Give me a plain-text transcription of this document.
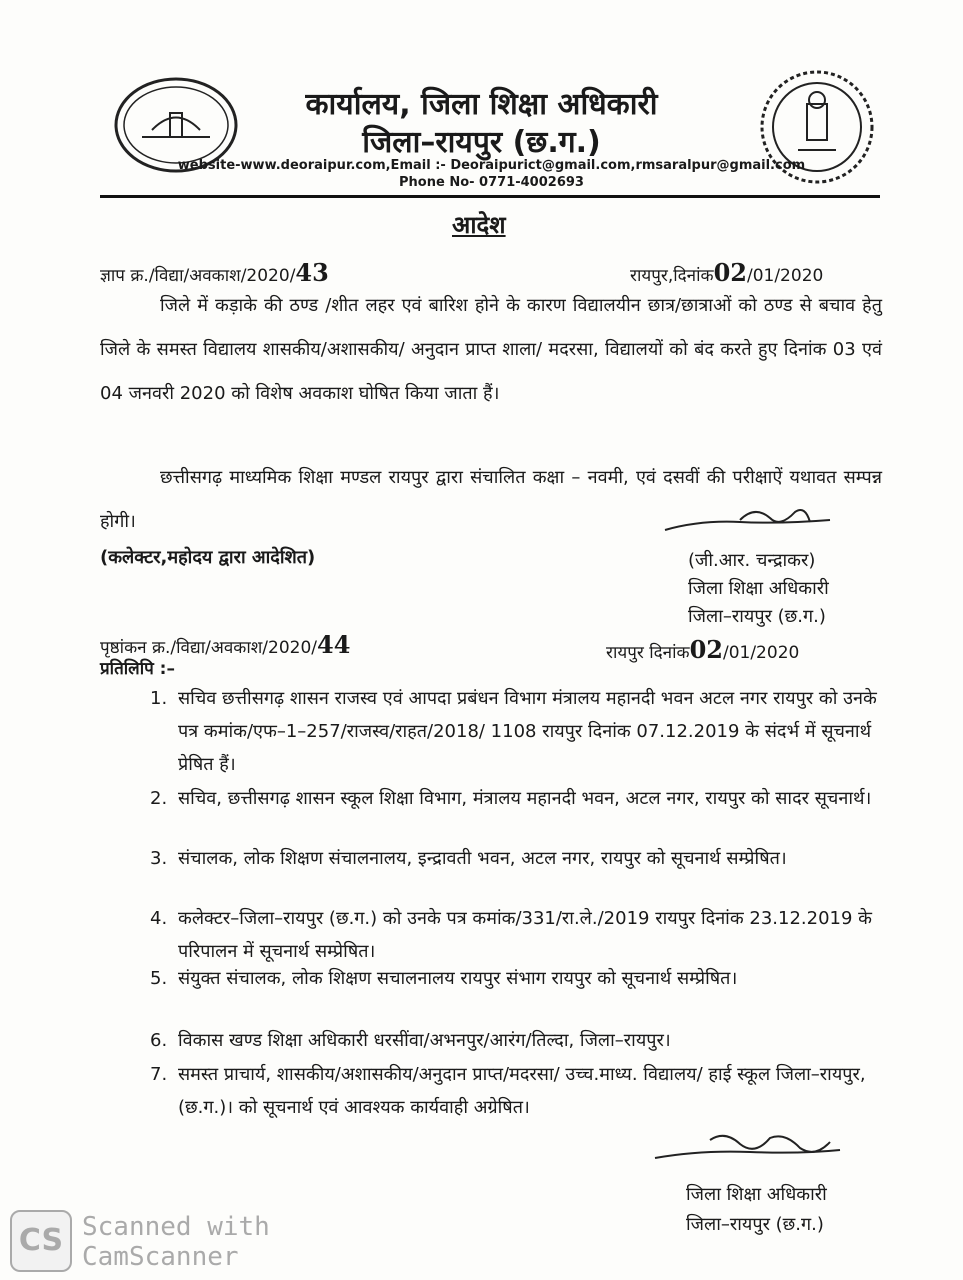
कार्यालय, जिला शिक्षा अधिकारी
जिला–रायपुर (छ.ग.)
website-www.deoraipur.com,Email :- Deoraipurict@gmail.com,rmsaralpur@gmail.com
Phone No- 0771-4002693
आदेश
ज्ञाप क्र./विद्या/अवकाश/2020/43	रायपुर,दिनांक02/01/2020
जिले में कड़ाके की ठण्ड /शीत लहर एवं बारिश होने के कारण विद्यालयीन छात्र/छात्राओं को ठण्ड से बचाव हेतु जिले के समस्त विद्यालय शासकीय/अशासकीय/ अनुदान प्राप्त शाला/ मदरसा, विद्यालयों को बंद करते हुए दिनांक 03 एवं 04 जनवरी 2020 को विशेष अवकाश घोषित किया जाता हैं।
छत्तीसगढ़ माध्यमिक शिक्षा मण्डल रायपुर द्वारा संचालित कक्षा – नवमी, एवं दसवीं की परीक्षाऐं यथावत सम्पन्न होगी।
(कलेक्टर,महोदय द्वारा आदेशित)	(जी.आर. चन्द्राकर)
जिला शिक्षा अधिकारी
जिला–रायपुर (छ.ग.)
पृष्ठांकन क्र./विद्या/अवकाश/2020/44	रायपुर दिनांक02/01/2020
प्रतिलिपि :–
1. सचिव छत्तीसगढ़ शासन राजस्व एवं आपदा प्रबंधन विभाग मंत्रालय महानदी भवन अटल नगर रायपुर को उनके पत्र कमांक/एफ–1–257/राजस्व/राहत/2018/ 1108 रायपुर दिनांक 07.12.2019 के संदर्भ में सूचनार्थ प्रेषित हैं।
2. सचिव, छत्तीसगढ़ शासन स्कूल शिक्षा विभाग, मंत्रालय महानदी भवन, अटल नगर, रायपुर को सादर सूचनार्थ।
3. संचालक, लोक शिक्षण संचालनालय, इन्द्रावती भवन, अटल नगर, रायपुर को सूचनार्थ सम्प्रेषित।
4. कलेक्टर–जिला–रायपुर (छ.ग.) को उनके पत्र कमांक/331/रा.ले./2019 रायपुर दिनांक 23.12.2019 के परिपालन में सूचनार्थ सम्प्रेषित।
5. संयुक्त संचालक, लोक शिक्षण सचालनालय रायपुर संभाग रायपुर को सूचनार्थ सम्प्रेषित।
6. विकास खण्ड शिक्षा अधिकारी धरसींवा/अभनपुर/आरंग/तिल्दा, जिला–रायपुर।
7. समस्त प्राचार्य, शासकीय/अशासकीय/अनुदान प्राप्त/मदरसा/ उच्च.माध्य. विद्यालय/ हाई स्कूल जिला–रायपुर, (छ.ग.)। को सूचनार्थ एवं आवश्यक कार्यवाही अग्रेषित।
जिला शिक्षा अधिकारी
जिला–रायपुर (छ.ग.)
CS Scanned with
CamScanner
